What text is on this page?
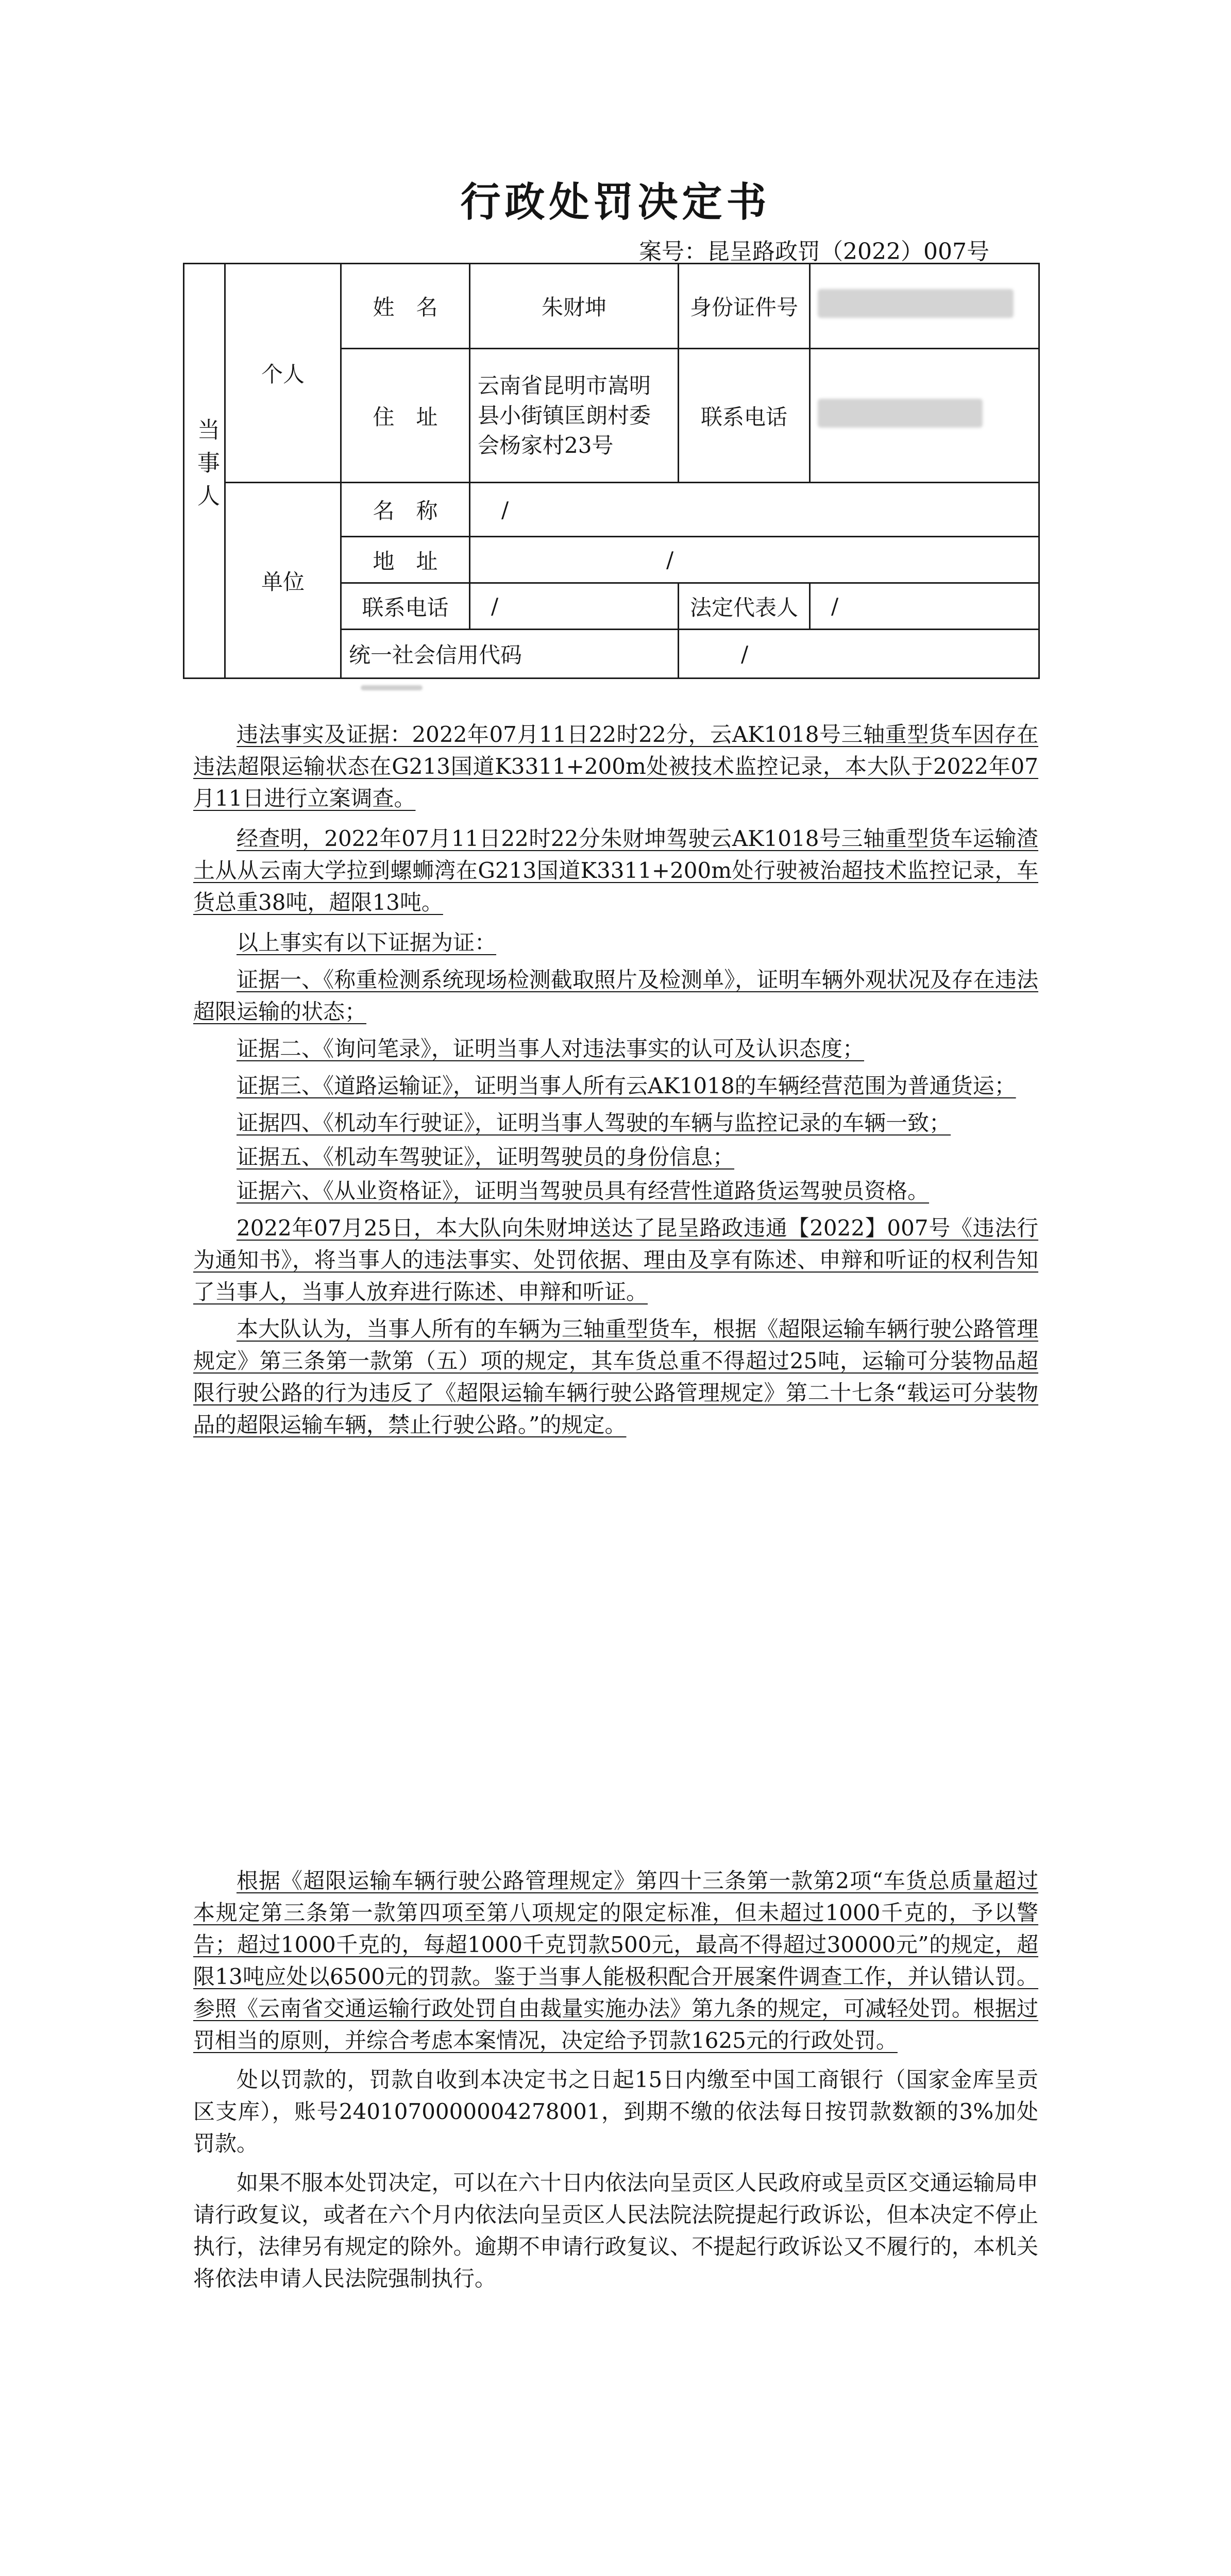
行政处罚决定书
案号：昆呈路政罚（2022）007号
当事人	个人	姓　名	朱财坤	身份证件号	
		住　址	云南省昆明市嵩明县小街镇匡朗村委会杨家村23号	联系电话	
	单位	名　称	/		
		地　址	/		
		联系电话	/	法定代表人	/
		统一社会信用代码		/	

违法事实及证据：2022年07月11日22时22分，云AK1018号三轴重型货车因存在违法超限运输状态在G213国道K3311+200m处被技术监控记录，本大队于2022年07月11日进行立案调查。

经查明，2022年07月11日22时22分朱财坤驾驶云AK1018号三轴重型货车运输渣土从从云南大学拉到螺蛳湾在G213国道K3311+200m处行驶被治超技术监控记录，车货总重38吨，超限13吨。

以上事实有以下证据为证：

证据一、《称重检测系统现场检测截取照片及检测单》，证明车辆外观状况及存在违法超限运输的状态；

证据二、《询问笔录》，证明当事人对违法事实的认可及认识态度；

证据三、《道路运输证》，证明当事人所有云AK1018的车辆经营范围为普通货运；

证据四、《机动车行驶证》，证明当事人驾驶的车辆与监控记录的车辆一致；

证据五、《机动车驾驶证》，证明驾驶员的身份信息；

证据六、《从业资格证》，证明当驾驶员具有经营性道路货运驾驶员资格。

2022年07月25日，本大队向朱财坤送达了昆呈路政违通【2022】007号《违法行为通知书》，将当事人的违法事实、处罚依据、理由及享有陈述、申辩和听证的权利告知了当事人，当事人放弃进行陈述、申辩和听证。

本大队认为，当事人所有的车辆为三轴重型货车，根据《超限运输车辆行驶公路管理规定》第三条第一款第（五）项的规定，其车货总重不得超过25吨，运输可分装物品超限行驶公路的行为违反了《超限运输车辆行驶公路管理规定》第二十七条“载运可分装物品的超限运输车辆，禁止行驶公路。”的规定。

根据《超限运输车辆行驶公路管理规定》第四十三条第一款第2项“车货总质量超过本规定第三条第一款第四项至第八项规定的限定标准，但未超过1000千克的，予以警告；超过1000千克的，每超1000千克罚款500元，最高不得超过30000元”的规定，超限13吨应处以6500元的罚款。鉴于当事人能极积配合开展案件调查工作，并认错认罚。参照《云南省交通运输行政处罚自由裁量实施办法》第九条的规定，可减轻处罚。根据过罚相当的原则，并综合考虑本案情况，决定给予罚款1625元的行政处罚。

处以罚款的，罚款自收到本决定书之日起15日内缴至中国工商银行（国家金库呈贡区支库），账号2401070000004278001，到期不缴的依法每日按罚款数额的3%加处罚款。

如果不服本处罚决定，可以在六十日内依法向呈贡区人民政府或呈贡区交通运输局申请行政复议，或者在六个月内依法向呈贡区人民法院法院提起行政诉讼，但本决定不停止执行，法律另有规定的除外。逾期不申请行政复议、不提起行政诉讼又不履行的，本机关将依法申请人民法院强制执行。
